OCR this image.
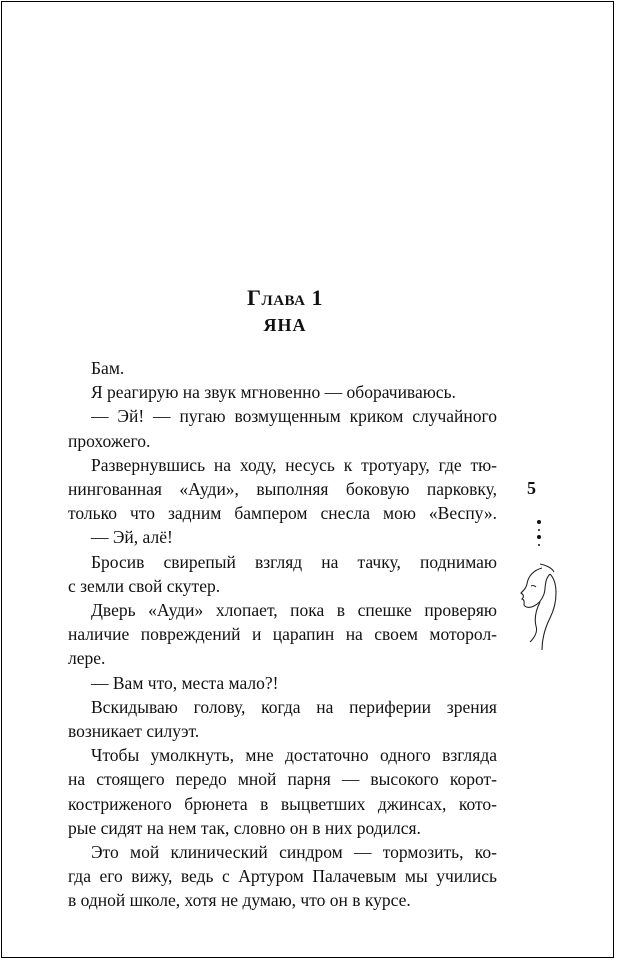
Глава 1
ЯНА
Бам.
Я реагирую на звук мгновенно — оборачиваюсь.
— Эй! — пугаю возмущенным криком случайного
прохожего.
Развернувшись на ходу, несусь к тротуару, где тю-
нингованная «Ауди», выполняя боковую парковку,
только что задним бампером снесла мою «Веспу».
— Эй, алё!
Бросив свирепый взгляд на тачку, поднимаю
с земли свой скутер.
Дверь «Ауди» хлопает, пока в спешке проверяю
наличие повреждений и царапин на своем моторол-
лере.
— Вам что, места мало?!
Вскидываю голову, когда на периферии зрения
возникает силуэт.
Чтобы умолкнуть, мне достаточно одного взгляда
на стоящего передо мной парня — высокого корот-
костриженого брюнета в выцветших джинсах, кото-
рые сидят на нем так, словно он в них родился.
Это мой клинический синдром — тормозить, ко-
гда его вижу, ведь с Артуром Палачевым мы учились
в одной школе, хотя не думаю, что он в курсе.
5
